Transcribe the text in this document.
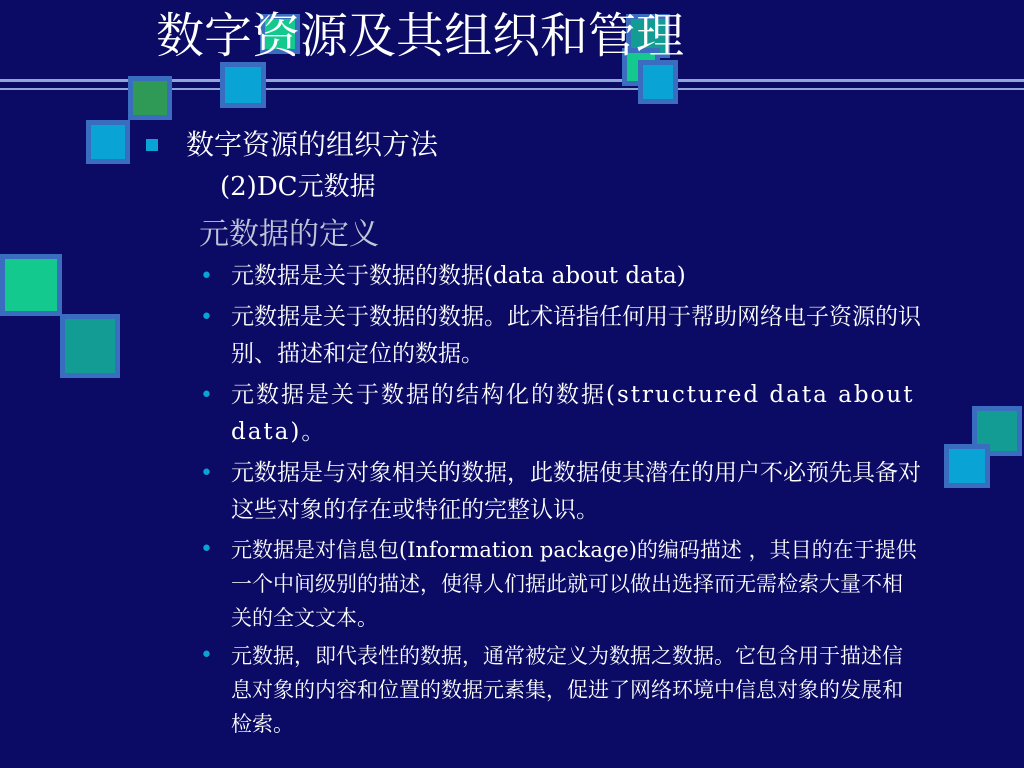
数字资源及其组织和管理
数字资源的组织方法
(2)DC元数据
元数据的定义
• 元数据是关于数据的数据(data about data)
• 元数据是关于数据的数据。此术语指任何用于帮助网络电子资源的识别、描述和定位的数据。
• 元数据是关于数据的结构化的数据(structured data about data)。
• 元数据是与对象相关的数据，此数据使其潜在的用户不必预先具备对这些对象的存在或特征的完整认识。
• 元数据是对信息包(Information package)的编码描述 ，其目的在于提供一个中间级别的描述，使得人们据此就可以做出选择而无需检索大量不相关的全文文本。
• 元数据，即代表性的数据，通常被定义为数据之数据。它包含用于描述信息对象的内容和位置的数据元素集，促进了网络环境中信息对象的发展和检索。
